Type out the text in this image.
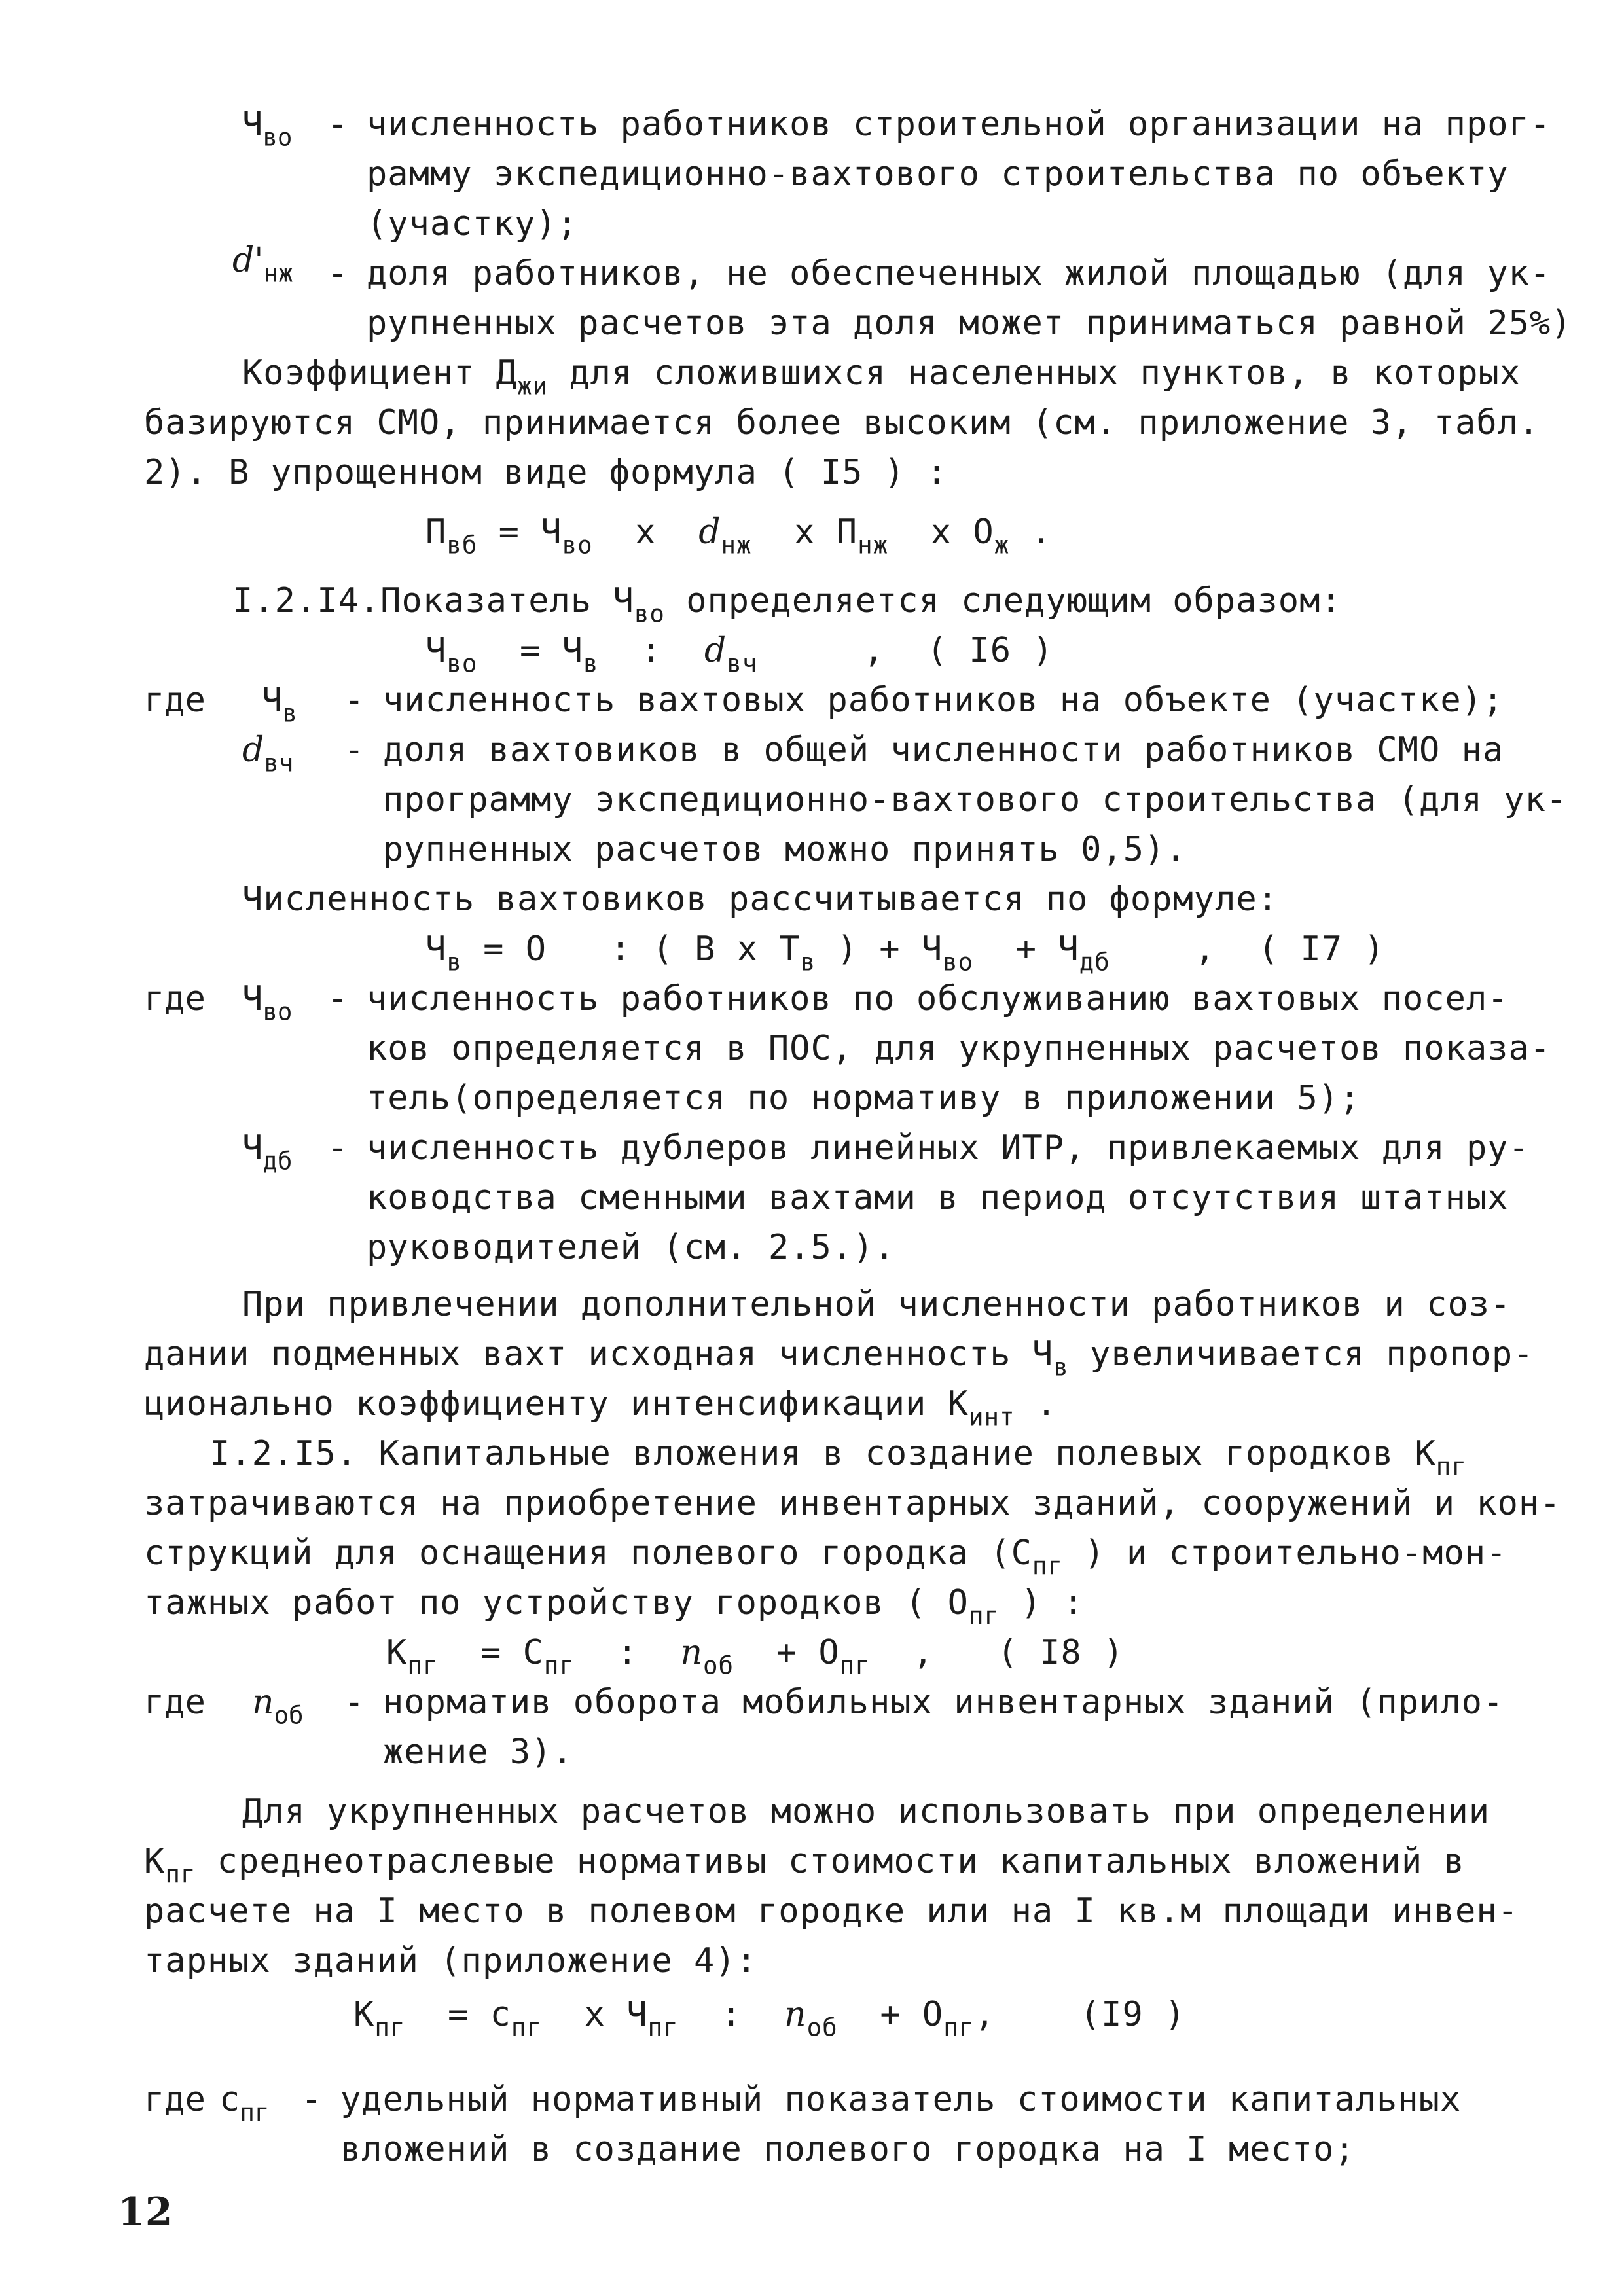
$Ч_{во}$ - численность работников строительной организации на прог-
рамму экспедиционно-вахтового строительства по объекту
(участку);
$d'_{нж}$ - доля работников, не обеспеченных жилой площадью (для ук-
рупненных расчетов эта доля может приниматься равной 25%)
Коэффициент $Д_{жи}$ для сложившихся населенных пунктов, в которых
базируются СМО, принимается более высоким (см. приложение 3, табл.
2). В упрощенном виде формула ( I5 ) :
$П_{вб} = Ч_{во}$  x  $d_{нж}$  x $П_{нж}$  x $О_ж$ .
I.2.I4.Показатель $Ч_{во}$ определяется следующим образом:
$Ч_{во} = Ч_в$  :  $d_{вч}$     ,  ( I6 )
где $Ч_в$ - численность вахтовых работников на объекте (участке);
$d_{вч}$ - доля вахтовиков в общей численности работников СМО на
программу экспедиционно-вахтового строительства (для ук-
рупненных расчетов можно принять 0,5).
Численность вахтовиков рассчитывается по формуле:
$Ч_в = О$   : ( В x $Т_в$ ) + $Ч_{во} + Ч_{дб}$    ,  ( I7 )
где $Ч_{во}$ - численность работников по обслуживанию вахтовых посел-
ков определяется в ПОС, для укрупненных расчетов показа-
тель(определяется по нормативу в приложении 5);
$Ч_{дб}$ - численность дублеров линейных ИТР, привлекаемых для ру-
ководства сменными вахтами в период отсутствия штатных
руководителей (см. 2.5.).
При привлечении дополнительной численности работников и соз-
дании подменных вахт исходная численность $Ч_в$ увеличивается пропор-
ционально коэффициенту интенсификации $К_{инт}$ .
I.2.I5. Капитальные вложения в создание полевых городков $К_{пг}$
затрачиваются на приобретение инвентарных зданий, сооружений и кон-
струкций для оснащения полевого городка ($С_{пг}$ ) и строительно-мон-
тажных работ по устройству городков ( $О_{пг}$ ) :
$К_{пг} = С_{пг}$  :  $n_{об} + О_{пг}$  ,   ( I8 )
где $n_{об}$ - норматив оборота мобильных инвентарных зданий (прило-
жение 3).
Для укрупненных расчетов можно использовать при определении
$К_{пг}$ среднеотраслевые нормативы стоимости капитальных вложений в
расчете на I место в полевом городке или на I кв.м площади инвен-
тарных зданий (приложение 4):
$К_{пг} = с_{пг}$  x $Ч_{пг}$  :  $n_{об} + О_{пг}$,    (I9 )
где $с_{пг}$ - удельный нормативный показатель стоимости капитальных
вложений в создание полевого городка на I место;
12
